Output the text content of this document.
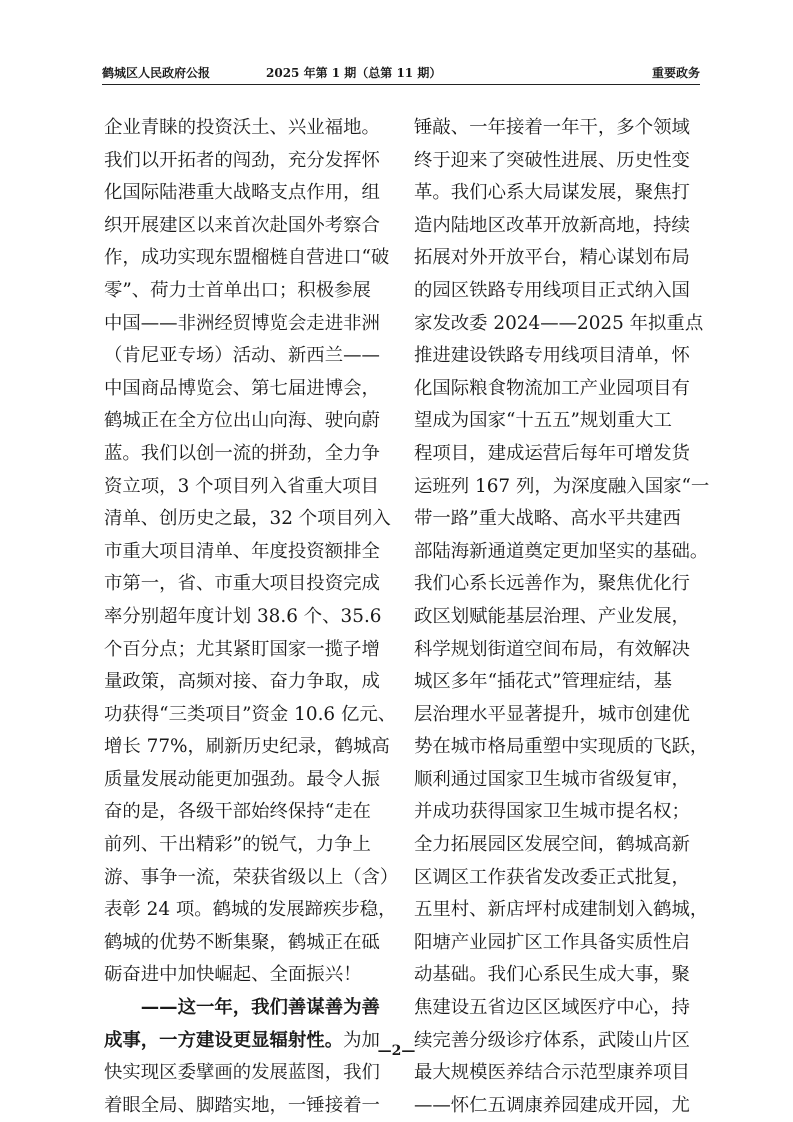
鹤城区人民政府公报	2025 年第 1 期（总第 11 期）	重要政务
企业青睐的投资沃土、兴业福地。
我们以开拓者的闯劲，充分发挥怀
化国际陆港重大战略支点作用，组
织开展建区以来首次赴国外考察合
作，成功实现东盟榴梿自营进口“破
零”、荷力士首单出口；积极参展
中国——非洲经贸博览会走进非洲
（肯尼亚专场）活动、新西兰——
中国商品博览会、第七届进博会，
鹤城正在全方位出山向海、驶向蔚
蓝。我们以创一流的拼劲，全力争
资立项，3 个项目列入省重大项目
清单、创历史之最，32 个项目列入
市重大项目清单、年度投资额排全
市第一，省、市重大项目投资完成
率分别超年度计划 38.6 个、35.6
个百分点；尤其紧盯国家一揽子增
量政策，高频对接、奋力争取，成
功获得“三类项目”资金 10.6 亿元、
增长 77%，刷新历史纪录，鹤城高
质量发展动能更加强劲。最令人振
奋的是，各级干部始终保持“走在
前列、干出精彩”的锐气，力争上
游、事争一流，荣获省级以上（含）
表彰 24 项。鹤城的发展蹄疾步稳，
鹤城的优势不断集聚，鹤城正在砥
砺奋进中加快崛起、全面振兴！
　　——这一年，我们善谋善为善
成事，一方建设更显辐射性。为加
快实现区委擘画的发展蓝图，我们
着眼全局、脚踏实地，一锤接着一
锤敲、一年接着一年干，多个领域
终于迎来了突破性进展、历史性变
革。我们心系大局谋发展，聚焦打
造内陆地区改革开放新高地，持续
拓展对外开放平台，精心谋划布局
的园区铁路专用线项目正式纳入国
家发改委 2024——2025 年拟重点
推进建设铁路专用线项目清单，怀
化国际粮食物流加工产业园项目有
望成为国家“十五五”规划重大工
程项目，建成运营后每年可增发货
运班列 167 列，为深度融入国家“一
带一路”重大战略、高水平共建西
部陆海新通道奠定更加坚实的基础。
我们心系长远善作为，聚焦优化行
政区划赋能基层治理、产业发展，
科学规划街道空间布局，有效解决
城区多年“插花式”管理症结，基
层治理水平显著提升，城市创建优
势在城市格局重塑中实现质的飞跃，
顺利通过国家卫生城市省级复审，
并成功获得国家卫生城市提名权；
全力拓展园区发展空间，鹤城高新
区调区工作获省发改委正式批复，
五里村、新店坪村成建制划入鹤城，
阳塘产业园扩区工作具备实质性启
动基础。我们心系民生成大事，聚
焦建设五省边区区域医疗中心，持
续完善分级诊疗体系，武陵山片区
最大规模医养结合示范型康养项目
——怀仁五调康养园建成开园，尤
—2—
